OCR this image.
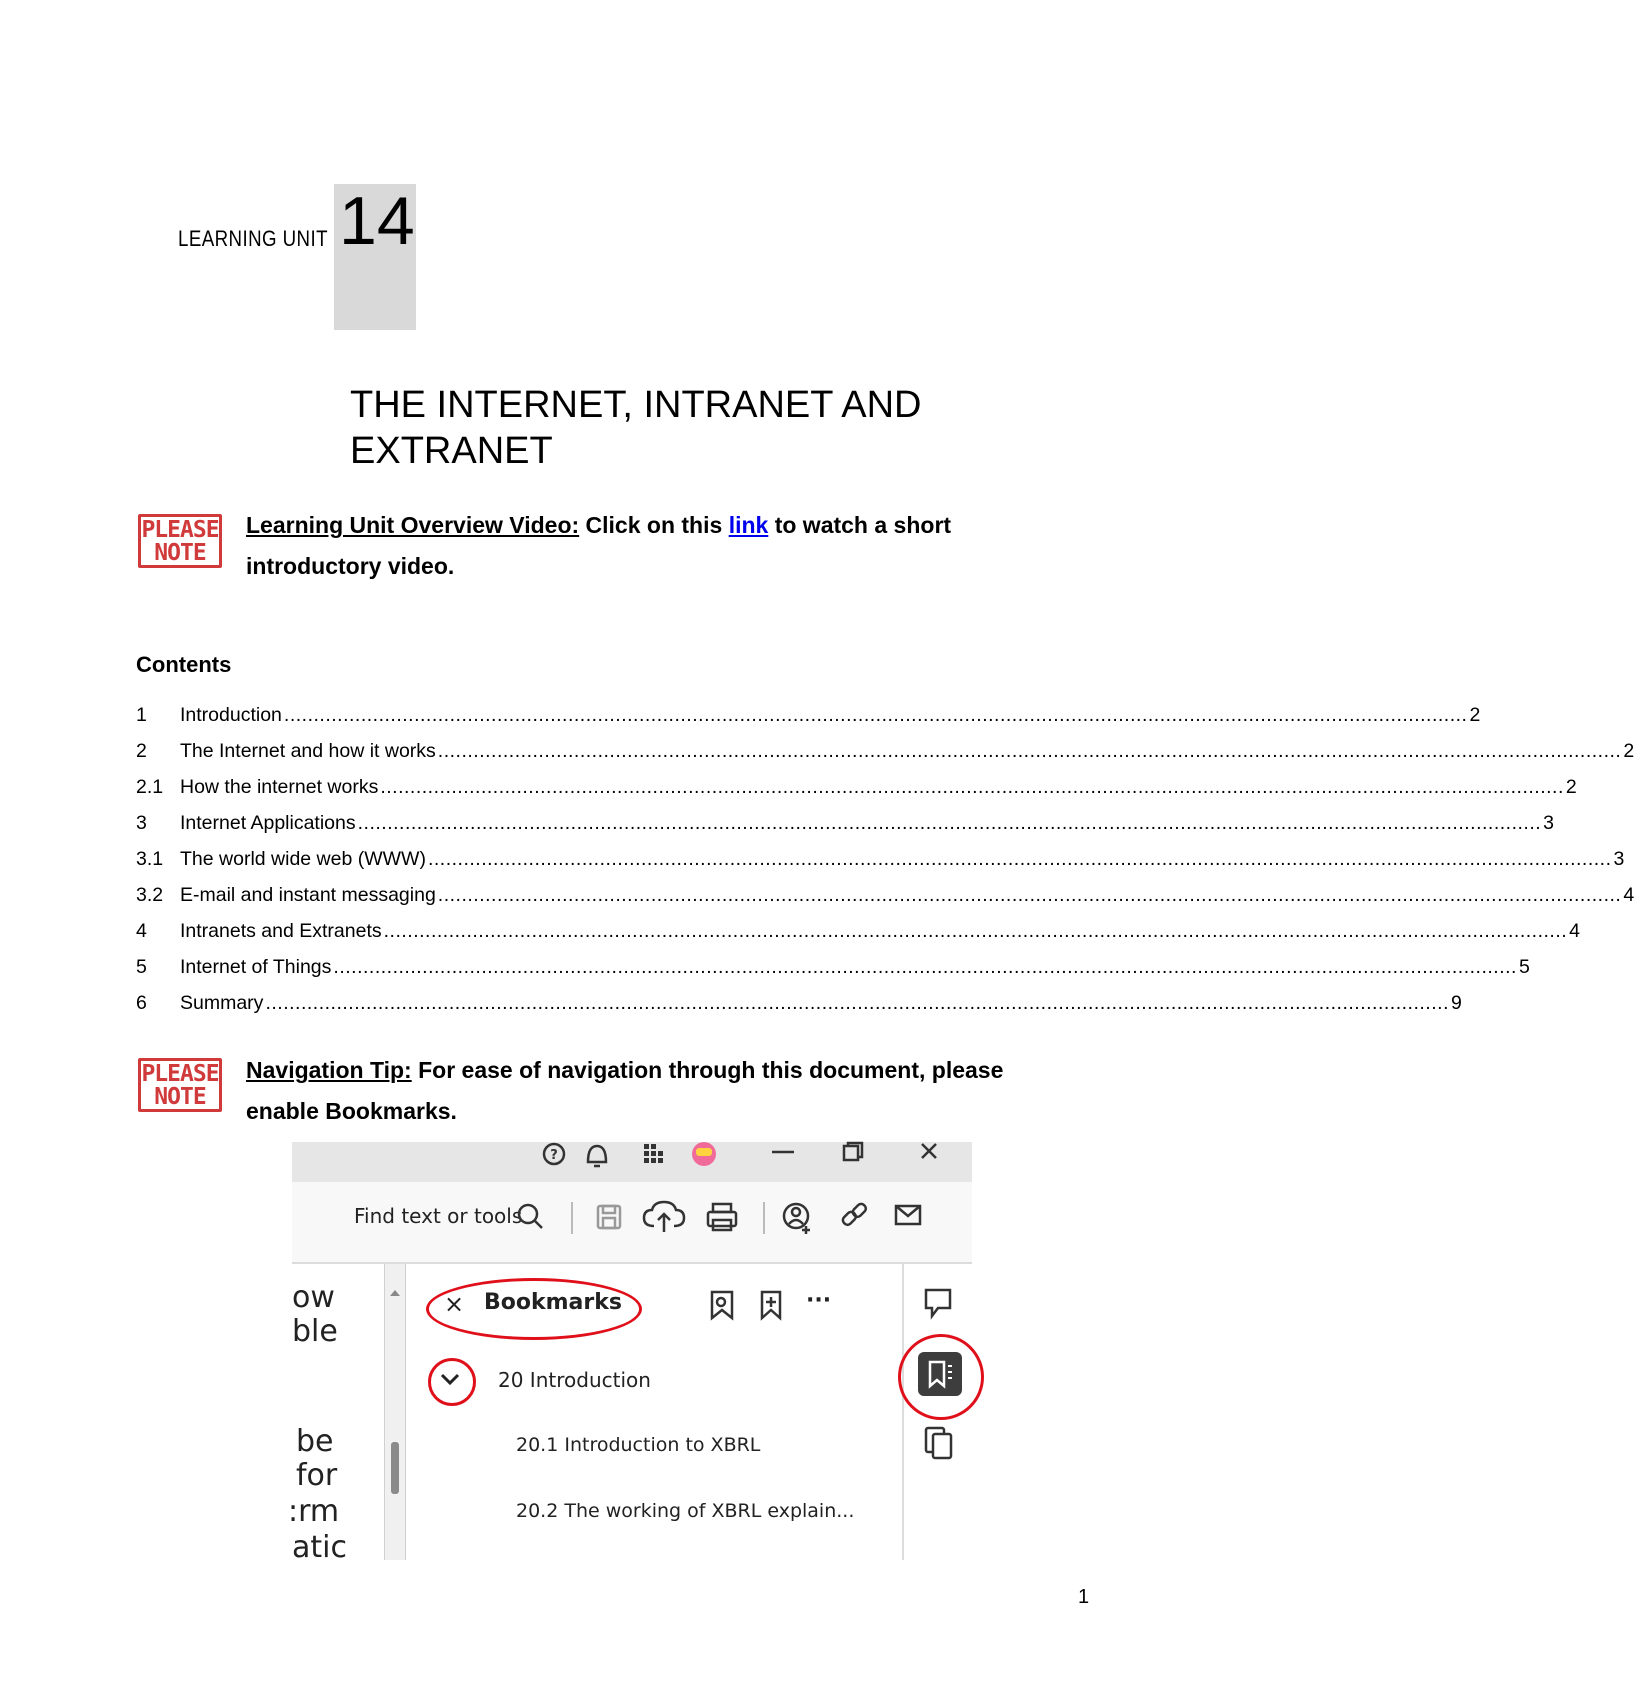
LEARNING UNIT 14
THE INTERNET, INTRANET AND EXTRANET
PLEASE
NOTE
Learning Unit Overview Video: Click on this link to watch a short introductory video.
Contents
1	Introduction ........................................................................................................................................................................................................ 2
2	The Internet and how it works ........................................................................................................................................................................................................ 2
2.1 How the internet works ........................................................................................................................................................................................................ 2
3	Internet Applications ........................................................................................................................................................................................................ 3
3.1 The world wide web (WWW) ........................................................................................................................................................................................................ 3
3.2 E-mail and instant messaging ........................................................................................................................................................................................................ 4
4	Intranets and Extranets ........................................................................................................................................................................................................ 4
5	Internet of Things ........................................................................................................................................................................................................ 5
6	Summary ........................................................................................................................................................................................................ 9
PLEASE
NOTE
Navigation Tip: For ease of navigation through this document, please enable Bookmarks.
?
Find text or tools
ow
ble
be
for
:rm
atic
× Bookmarks	···
20 Introduction
20.1 Introduction to XBRL
20.2 The working of XBRL explain...
1
